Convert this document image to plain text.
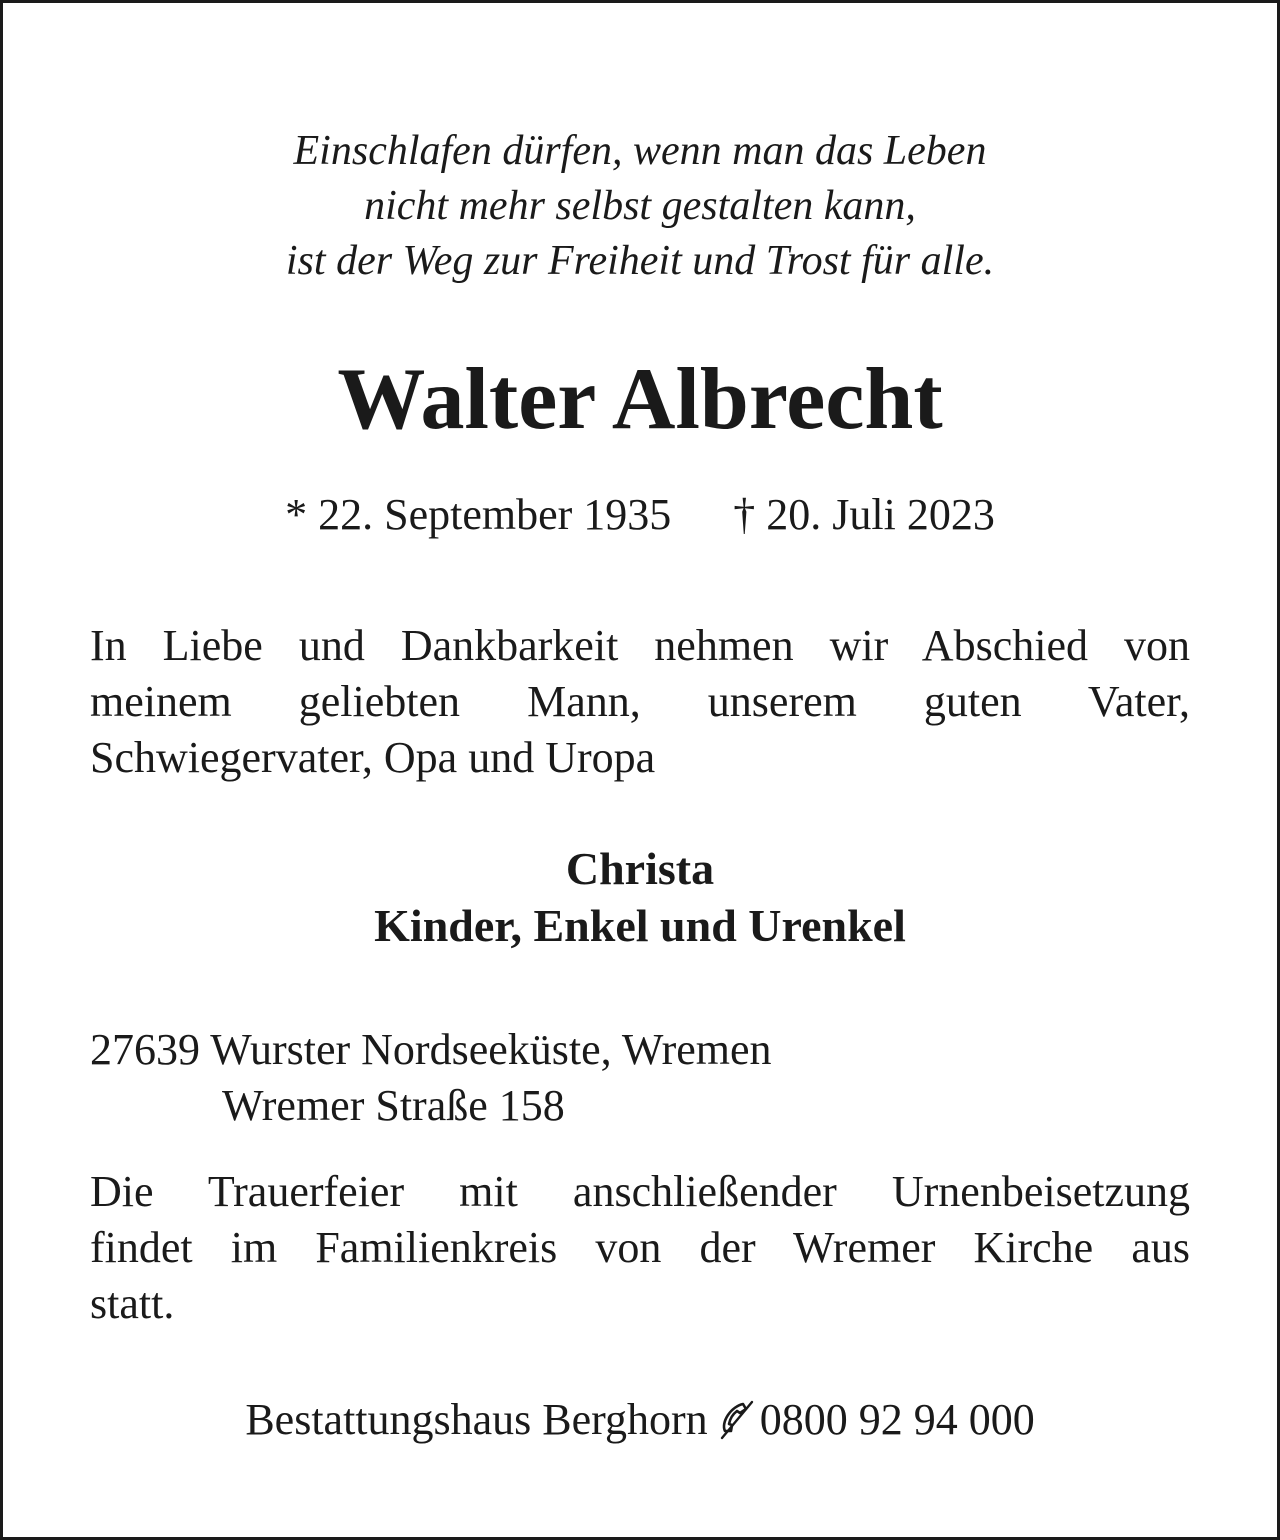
Einschlafen dürfen, wenn man das Leben
nicht mehr selbst gestalten kann,
ist der Weg zur Freiheit und Trost für alle.
Walter Albrecht
* 22. September 1935 † 20. Juli 2023
In Liebe und Dankbarkeit nehmen wir Abschied von
meinem geliebten Mann, unserem guten Vater,
Schwiegervater, Opa und Uropa
Christa
Kinder, Enkel und Urenkel
27639 Wurster Nordseeküste, Wremen
Wremer Straße 158
Die Trauerfeier mit anschließender Urnenbeisetzung
findet im Familienkreis von der Wremer Kirche aus
statt.
Bestattungshaus Berghorn 0800 92 94 000
